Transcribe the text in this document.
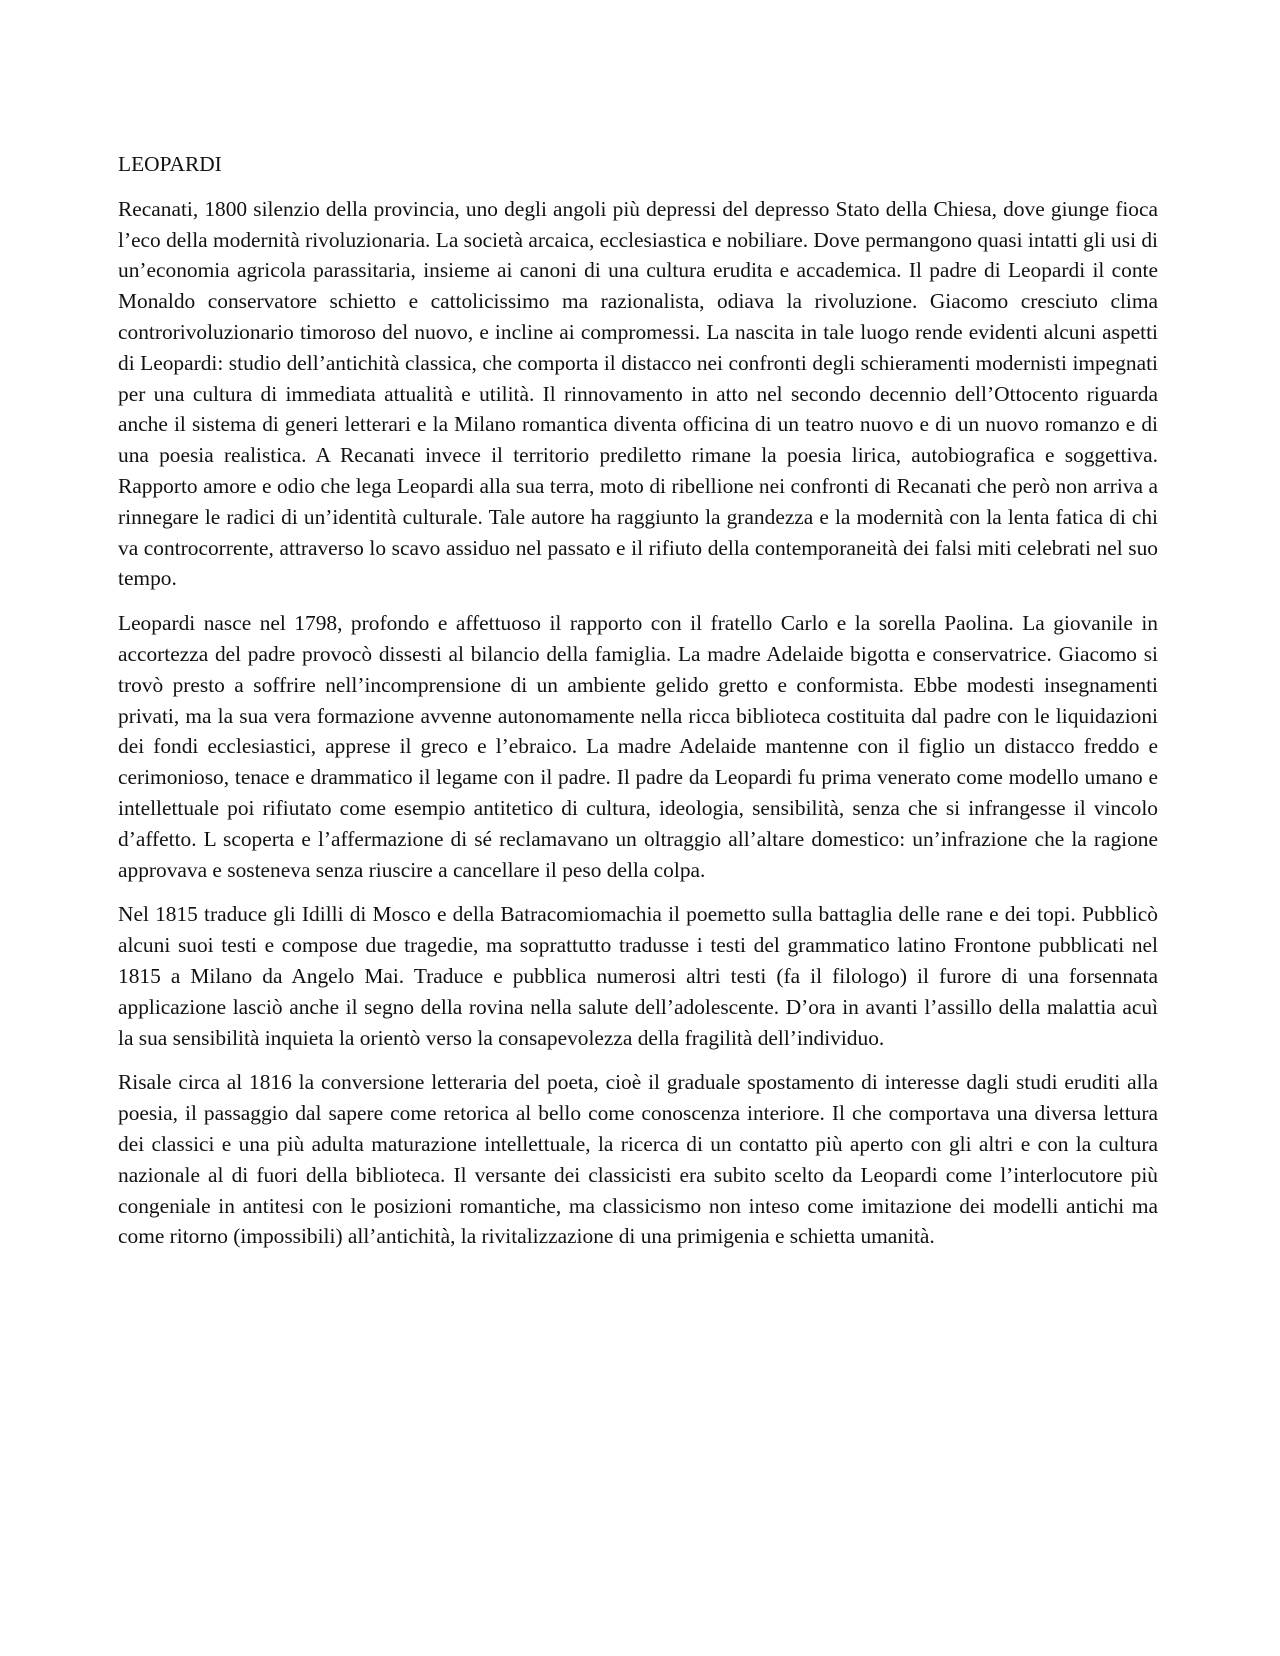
LEOPARDI

Recanati, 1800 silenzio della provincia, uno degli angoli più depressi del depresso Stato della Chiesa, dove giunge fioca l’eco della modernità rivoluzionaria. La società arcaica, ecclesiastica e nobiliare. Dove permangono quasi intatti gli usi di un’economia agricola parassitaria, insieme ai canoni di una cultura erudita e accademica. Il padre di Leopardi il conte Monaldo conservatore schietto e cattolicissimo ma razionalista, odiava la rivoluzione. Giacomo cresciuto clima controrivoluzionario timoroso del nuovo, e incline ai compromessi. La nascita in tale luogo rende evidenti alcuni aspetti di Leopardi: studio dell’antichità classica, che comporta il distacco nei confronti degli schieramenti modernisti impegnati per una cultura di immediata attualità e utilità. Il rinnovamento in atto nel secondo decennio dell’Ottocento riguarda anche il sistema di generi letterari e la Milano romantica diventa officina di un teatro nuovo e di un nuovo romanzo e di una poesia realistica. A Recanati invece il territorio prediletto rimane la poesia lirica, autobiografica e soggettiva. Rapporto amore e odio che lega Leopardi alla sua terra, moto di ribellione nei confronti di Recanati che però non arriva a rinnegare le radici di un’identità culturale. Tale autore ha raggiunto la grandezza e la modernità con la lenta fatica di chi va controcorrente, attraverso lo scavo assiduo nel passato e il rifiuto della contemporaneità dei falsi miti celebrati nel suo tempo.

Leopardi nasce nel 1798, profondo e affettuoso il rapporto con il fratello Carlo e la sorella Paolina. La giovanile in accortezza del padre provocò dissesti al bilancio della famiglia. La madre Adelaide bigotta e conservatrice. Giacomo si trovò presto a soffrire nell’incomprensione di un ambiente gelido gretto e conformista. Ebbe modesti insegnamenti privati, ma la sua vera formazione avvenne autonomamente nella ricca biblioteca costituita dal padre con le liquidazioni dei fondi ecclesiastici, apprese il greco e l’ebraico. La madre Adelaide mantenne con il figlio un distacco freddo e cerimonioso, tenace e drammatico il legame con il padre. Il padre da Leopardi fu prima venerato come modello umano e intellettuale poi rifiutato come esempio antitetico di cultura, ideologia, sensibilità, senza che si infrangesse il vincolo d’affetto. L scoperta e l’affermazione di sé reclamavano un oltraggio all’altare domestico: un’infrazione che la ragione approvava e sosteneva senza riuscire a cancellare il peso della colpa.

Nel 1815 traduce gli Idilli di Mosco e della Batracomiomachia il poemetto sulla battaglia delle rane e dei topi. Pubblicò alcuni suoi testi e compose due tragedie, ma soprattutto tradusse i testi del grammatico latino Frontone pubblicati nel 1815 a Milano da Angelo Mai. Traduce e pubblica numerosi altri testi (fa il filologo) il furore di una forsennata applicazione lasciò anche il segno della rovina nella salute dell’adolescente. D’ora in avanti l’assillo della malattia acuì la sua sensibilità inquieta la orientò verso la consapevolezza della fragilità dell’individuo.

Risale circa al 1816 la conversione letteraria del poeta, cioè il graduale spostamento di interesse dagli studi eruditi alla poesia, il passaggio dal sapere come retorica al bello come conoscenza interiore. Il che comportava una diversa lettura dei classici e una più adulta maturazione intellettuale, la ricerca di un contatto più aperto con gli altri e con la cultura nazionale al di fuori della biblioteca. Il versante dei classicisti era subito scelto da Leopardi come l’interlocutore più congeniale in antitesi con le posizioni romantiche, ma classicismo non inteso come imitazione dei modelli antichi ma come ritorno (impossibili) all’antichità, la rivitalizzazione di una primigenia e schietta umanità.
